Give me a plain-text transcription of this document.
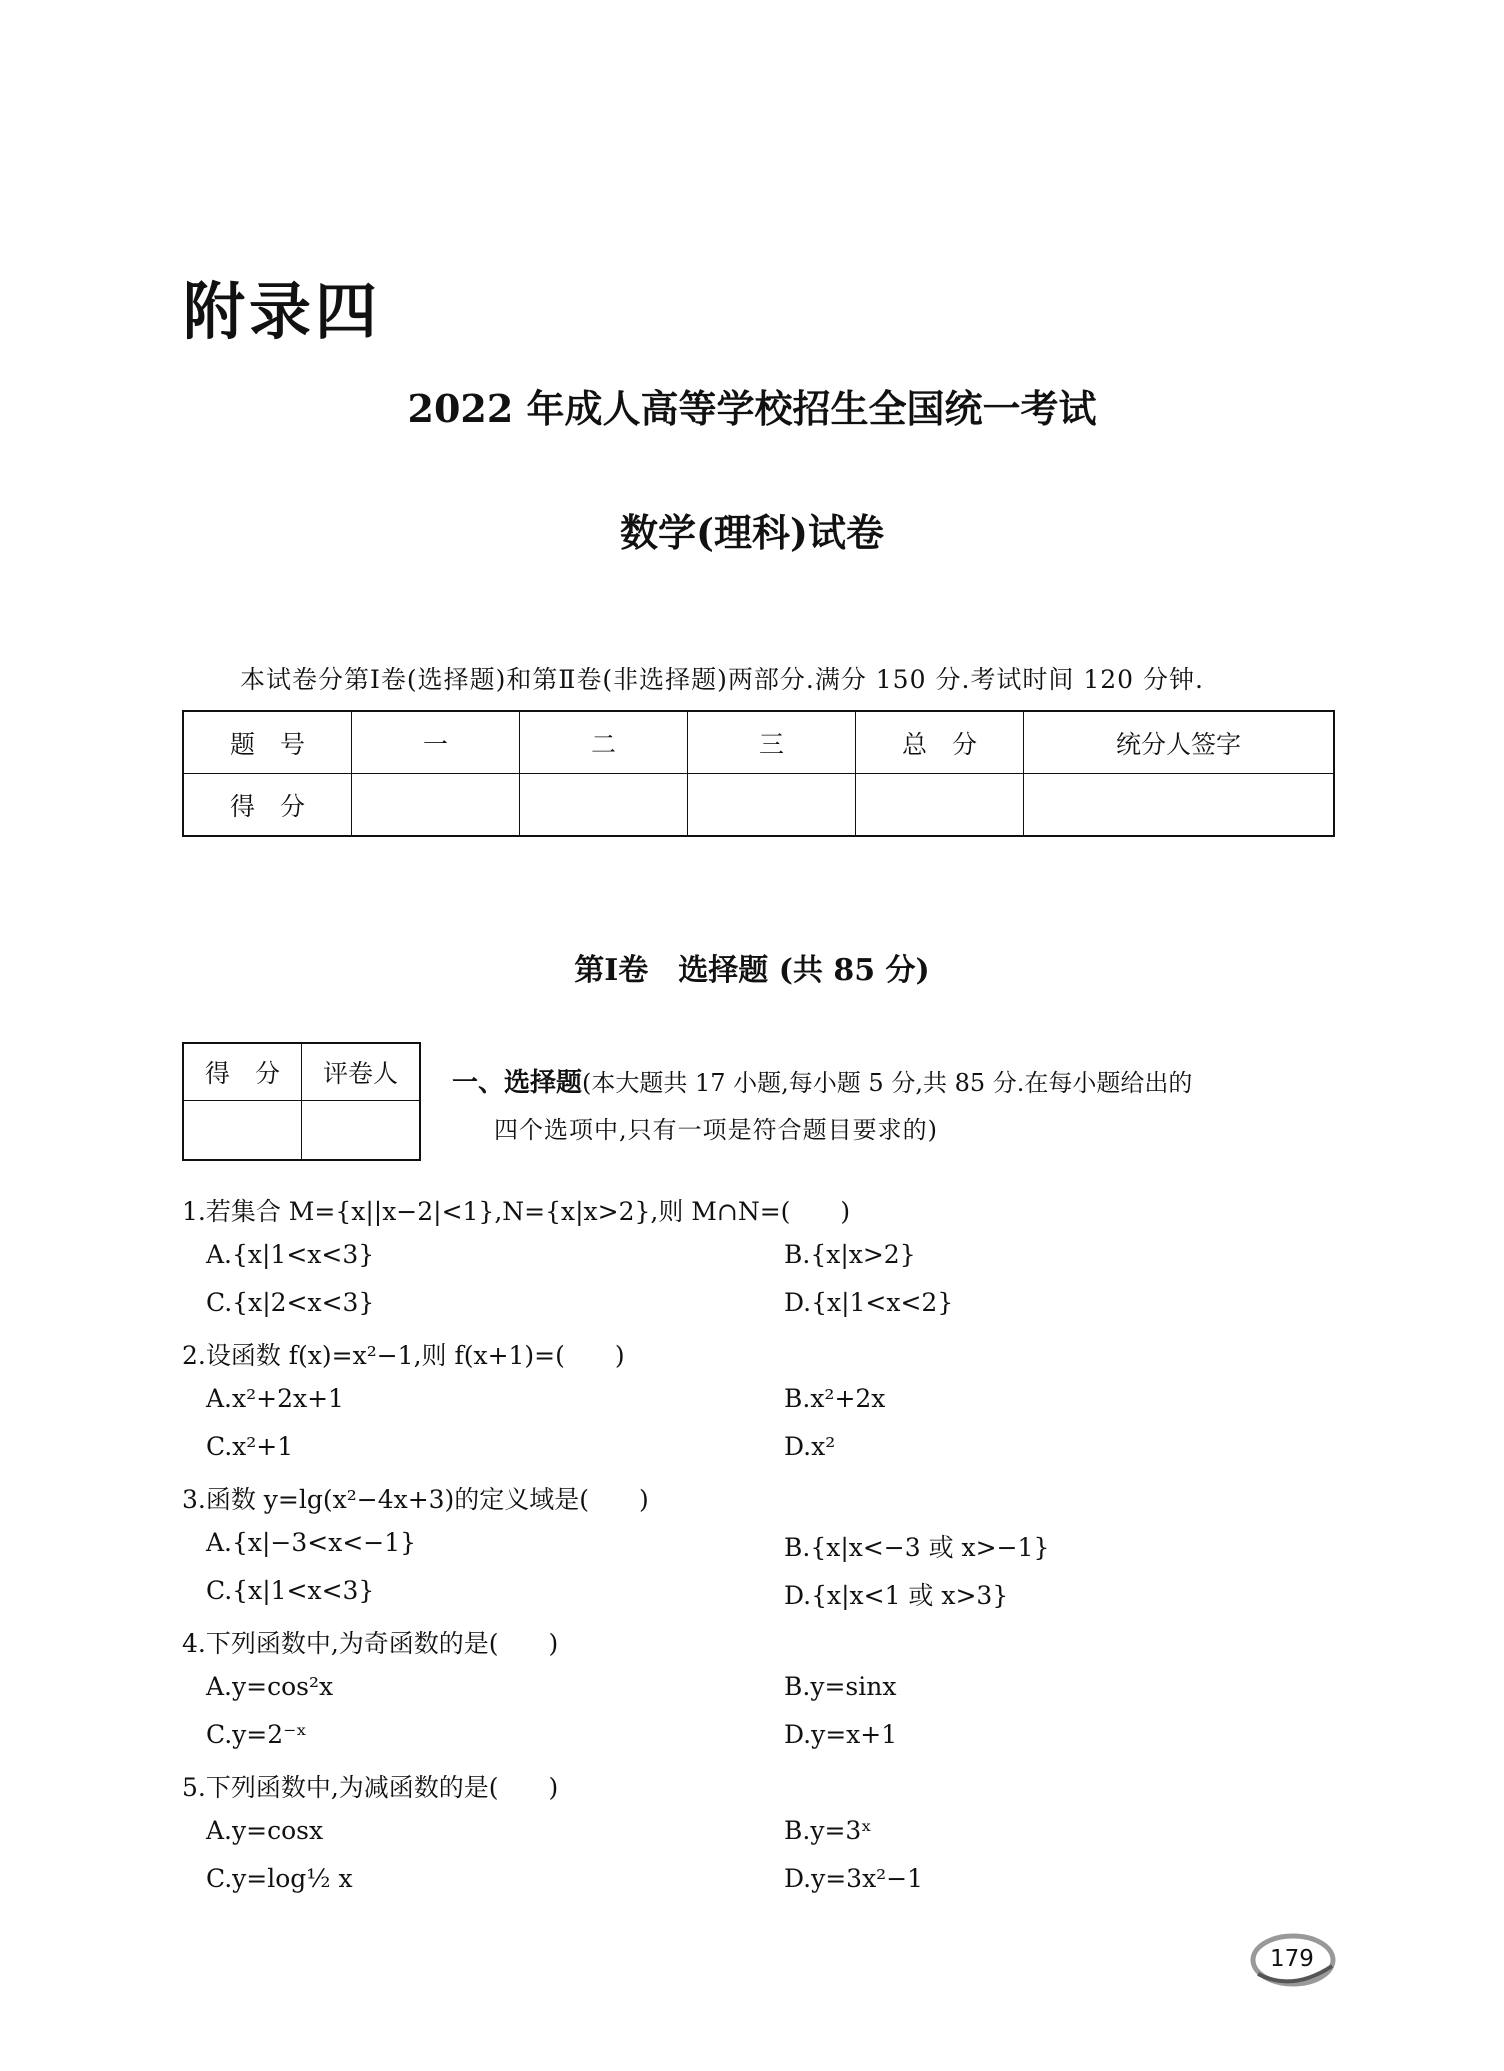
附录四
2022 年成人高等学校招生全国统一考试
数学(理科)试卷
本试卷分第Ⅰ卷(选择题)和第Ⅱ卷(非选择题)两部分.满分 150 分.考试时间 120 分钟.
题　号	一	二	三	总　分	统分人签字
得　分					
第Ⅰ卷　选择题 (共 85 分)
得　分	评卷人
	一、选择题(本大题共 17 小题,每小题 5 分,共 85 分.在每小题给出的
四个选项中,只有一项是符合题目要求的)
1.若集合 M={x||x−2|<1},N={x|x>2},则 M∩N=(　　)
A.{x|1<x<3}	B.{x|x>2}
C.{x|2<x<3}	D.{x|1<x<2}
2.设函数 f(x)=x²−1,则 f(x+1)=(　　)
A.x²+2x+1	B.x²+2x
C.x²+1	D.x²
3.函数 y=lg(x²−4x+3)的定义域是(　　)
A.{x|−3<x<−1}	B.{x|x<−3 或 x>−1}
C.{x|1<x<3}	D.{x|x<1 或 x>3}
4.下列函数中,为奇函数的是(　　)
A.y=cos²x	B.y=sinx
C.y=2⁻ˣ	D.y=x+1
5.下列函数中,为减函数的是(　　)
A.y=cosx	B.y=3ˣ
C.y=log½ x	D.y=3x²−1
179
